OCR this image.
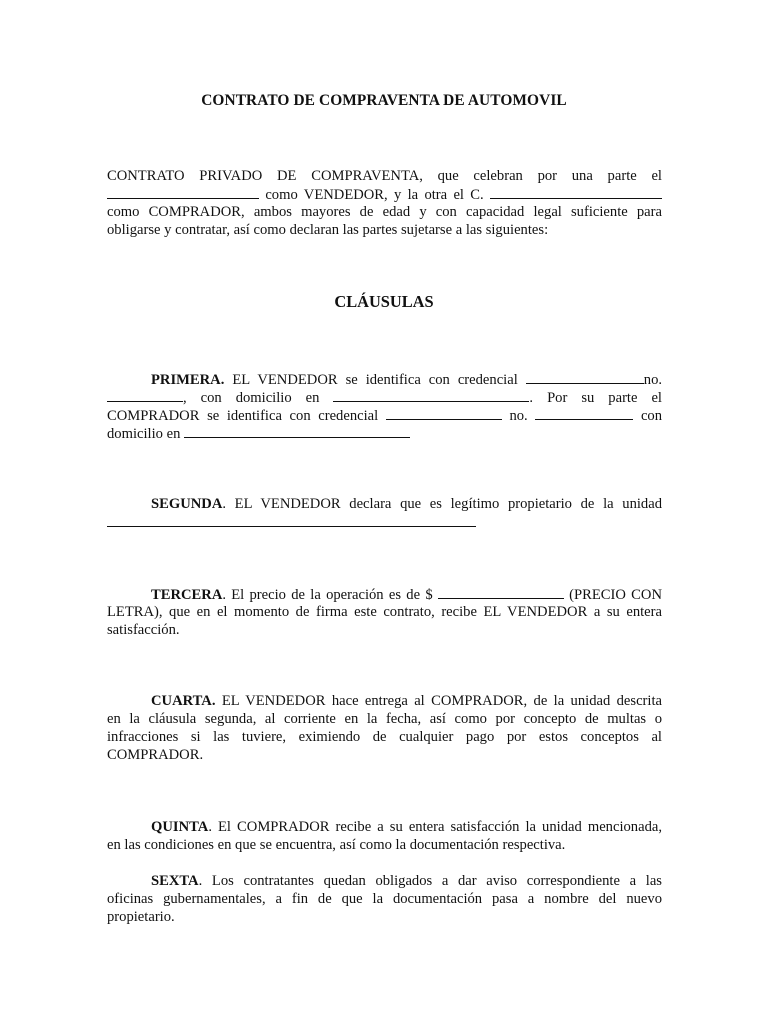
CONTRATO DE COMPRAVENTA DE AUTOMOVIL
CONTRATO PRIVADO DE COMPRAVENTA, que celebran por una parte el
como VENDEDOR, y la otra el C.
como COMPRADOR, ambos mayores de edad y con capacidad legal suficiente para
obligarse y contratar, así como declaran las partes sujetarse a las siguientes:
CLÁUSULAS
PRIMERA. EL VENDEDOR se identifica con credencial	no.
, con domicilio en	. Por su parte el
COMPRADOR se identifica con credencial	no.	con
domicilio en
SEGUNDA. EL VENDEDOR declara que es legítimo propietario de la unidad
TERCERA. El precio de la operación es de $	(PRECIO CON
LETRA), que en el momento de firma este contrato, recibe EL VENDEDOR a su entera
satisfacción.
CUARTA. EL VENDEDOR hace entrega al COMPRADOR, de la unidad descrita
en la cláusula segunda, al corriente en la fecha, así como por concepto de multas o
infracciones si las tuviere, eximiendo de cualquier pago por estos conceptos al
COMPRADOR.
QUINTA. El COMPRADOR recibe a su entera satisfacción la unidad mencionada,
en las condiciones en que se encuentra, así como la documentación respectiva.
SEXTA. Los contratantes quedan obligados a dar aviso correspondiente a las
oficinas gubernamentales, a fin de que la documentación pasa a nombre del nuevo
propietario.
